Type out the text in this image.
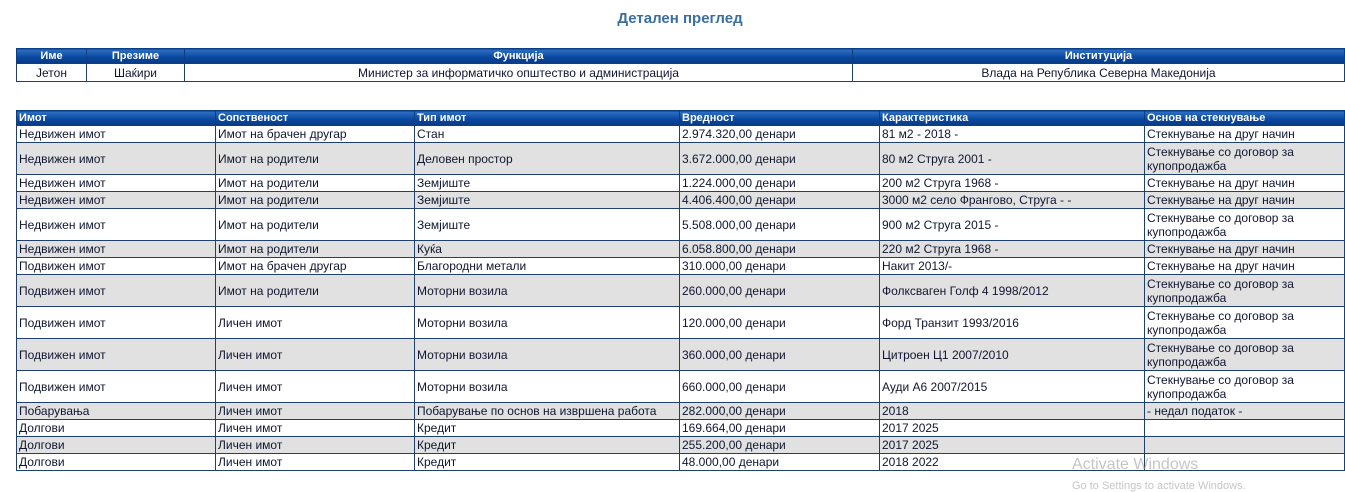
Детален преглед
Име	Презиме	Функција	Институција
Јетон	Шаќири	Министер за информатичко општество и администрација	Влада на Република Северна Македонија
Имот	Сопственост	Тип имот	Вредност	Карактеристика	Основ на стекнување
Недвижен имот	Имот на брачен другар	Стан	2.974.320,00 денари	81 м2 - 2018 -	Стекнување на друг начин
Недвижен имот	Имот на родители	Деловен простор	3.672.000,00 денари	80 м2 Струга 2001 -	Стекнување со договор за купопродажба
Недвижен имот	Имот на родители	Земјиште	1.224.000,00 денари	200 м2 Струга 1968 -	Стекнување на друг начин
Недвижен имот	Имот на родители	Земјиште	4.406.400,00 денари	3000 м2 село Франгово, Струга - -	Стекнување на друг начин
Недвижен имот	Имот на родители	Земјиште	5.508.000,00 денари	900 м2 Струга 2015 -	Стекнување со договор за купопродажба
Недвижен имот	Имот на родители	Куќа	6.058.800,00 денари	220 м2 Струга 1968 -	Стекнување на друг начин
Подвижен имот	Имот на брачен другар	Благородни метали	310.000,00 денари	Накит 2013/-	Стекнување на друг начин
Подвижен имот	Имот на родители	Моторни возила	260.000,00 денари	Фолксваген Голф 4 1998/2012	Стекнување со договор за купопродажба
Подвижен имот	Личен имот	Моторни возила	120.000,00 денари	Форд Транзит 1993/2016	Стекнување со договор за купопродажба
Подвижен имот	Личен имот	Моторни возила	360.000,00 денари	Цитроен Ц1 2007/2010	Стекнување со договор за купопродажба
Подвижен имот	Личен имот	Моторни возила	660.000,00 денари	Ауди А6 2007/2015	Стекнување со договор за купопродажба
Побарувања	Личен имот	Побарување по основ на извршена работа	282.000,00 денари	2018	- недал податок -
Долгови	Личен имот	Кредит	169.664,00 денари	2017 2025	
Долгови	Личен имот	Кредит	255.200,00 денари	2017 2025	
Долгови	Личен имот	Кредит	48.000,00 денари	2018 2022		Activate Windows
Go to Settings to activate Windows.
